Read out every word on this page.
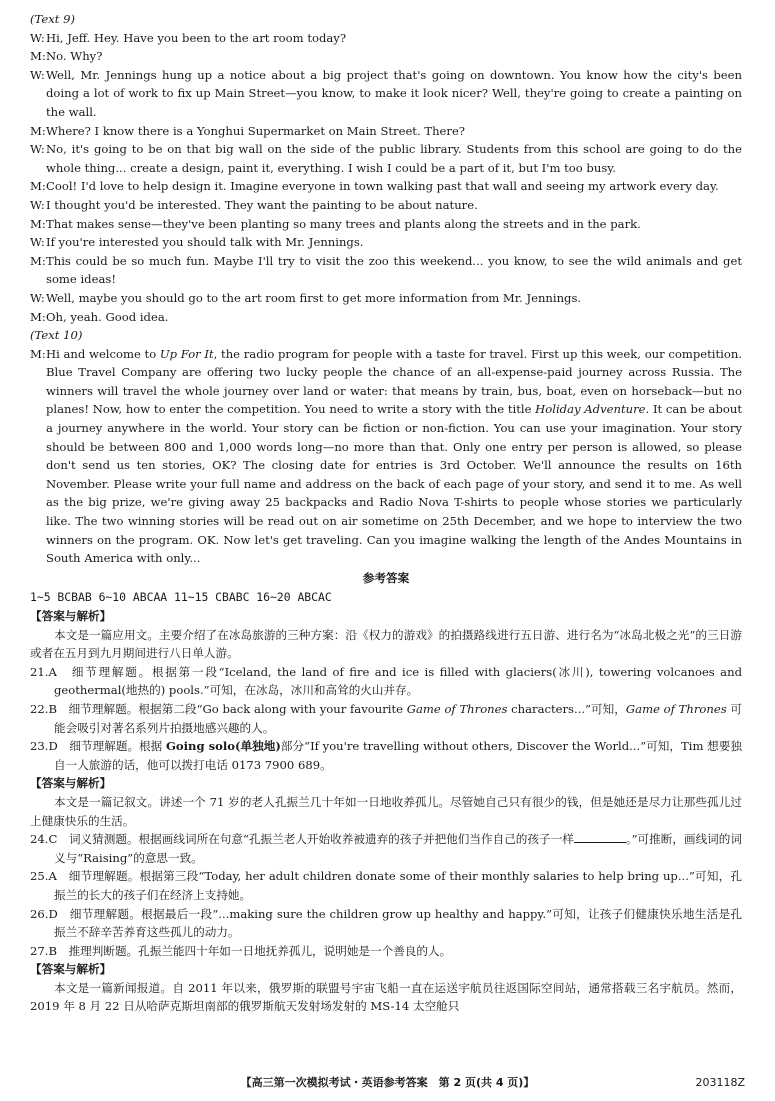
(Text 9)
W:Hi, Jeff. Hey. Have you been to the art room today?
M:No. Why?
W:Well, Mr. Jennings hung up a notice about a big project that's going on downtown. You know how the city's been doing a lot of work to fix up Main Street—you know, to make it look nicer? Well, they're going to create a painting on the wall.
M:Where? I know there is a Yonghui Supermarket on Main Street. There?
W:No, it's going to be on that big wall on the side of the public library. Students from this school are going to do the whole thing... create a design, paint it, everything. I wish I could be a part of it, but I'm too busy.
M:Cool! I'd love to help design it. Imagine everyone in town walking past that wall and seeing my artwork every day.
W:I thought you'd be interested. They want the painting to be about nature.
M:That makes sense—they've been planting so many trees and plants along the streets and in the park.
W:If you're interested you should talk with Mr. Jennings.
M:This could be so much fun. Maybe I'll try to visit the zoo this weekend... you know, to see the wild animals and get some ideas!
W:Well, maybe you should go to the art room first to get more information from Mr. Jennings.
M:Oh, yeah. Good idea.
(Text 10)
M:Hi and welcome to Up For It, the radio program for people with a taste for travel. First up this week, our competition. Blue Travel Company are offering two lucky people the chance of an all-expense-paid journey across Russia. The winners will travel the whole journey over land or water: that means by train, bus, boat, even on horseback—but no planes! Now, how to enter the competition. You need to write a story with the title Holiday Adventure. It can be about a journey anywhere in the world. Your story can be fiction or non-fiction. You can use your imagination. Your story should be between 800 and 1,000 words long—no more than that. Only one entry per person is allowed, so please don't send us ten stories, OK? The closing date for entries is 3rd October. We'll announce the results on 16th November. Please write your full name and address on the back of each page of your story, and send it to me. As well as the big prize, we're giving away 25 backpacks and Radio Nova T-shirts to people whose stories we particularly like. The two winning stories will be read out on air sometime on 25th December, and we hope to interview the two winners on the program. OK. Now let's get traveling. Can you imagine walking the length of the Andes Mountains in South America with only...
参考答案
1~5 BCBAB 6~10 ABCAA 11~15 CBABC 16~20 ABCAC
【答案与解析】
本文是一篇应用文。主要介绍了在冰岛旅游的三种方案：沿《权力的游戏》的拍摄路线进行五日游、进行名为“冰岛北极之光”的三日游或者在五月到九月期间进行八日单人游。
21.A　 细节理解题。根据第一段“Iceland, the land of fire and ice is filled with glaciers(冰川), towering volcanoes and geothermal(地热的) pools.”可知，在冰岛，冰川和高耸的火山并存。
22.B　 细节理解题。根据第二段“Go back along with your favourite Game of Thrones characters...”可知，Game of Thrones 可能会吸引对著名系列片拍摄地感兴趣的人。
23.D　 细节理解题。根据 Going solo(单独地)部分“If you're travelling without others, Discover the World...”可知，Tim 想要独自一人旅游的话，他可以拨打电话 0173 7900 689。
【答案与解析】
本文是一篇记叙文。讲述一个 71 岁的老人孔振兰几十年如一日地收养孤儿。尽管她自己只有很少的钱，但是她还是尽力让那些孤儿过上健康快乐的生活。
24.C　 词义猜测题。根据画线词所在句意“孔振兰老人开始收养被遗弃的孩子并把他们当作自己的孩子一样	。”可推断，画线词的词义与“Raising”的意思一致。
25.A　 细节理解题。根据第三段“Today, her adult children donate some of their monthly salaries to help bring up...”可知，孔振兰的长大的孩子们在经济上支持她。
26.D　 细节理解题。根据最后一段“...making sure the children grow up healthy and happy.”可知，让孩子们健康快乐地生活是孔振兰不辞辛苦养育这些孤儿的动力。
27.B　 推理判断题。孔振兰能四十年如一日地抚养孤儿，说明她是一个善良的人。
【答案与解析】
本文是一篇新闻报道。自 2011 年以来，俄罗斯的联盟号宇宙飞船一直在运送宇航员往返国际空间站，通常搭载三名宇航员。然而，2019 年 8 月 22 日从哈萨克斯坦南部的俄罗斯航天发射场发射的 MS-14 太空舱只
【高三第一次模拟考试・英语参考答案　第 2 页(共 4 页)】	203118Z
